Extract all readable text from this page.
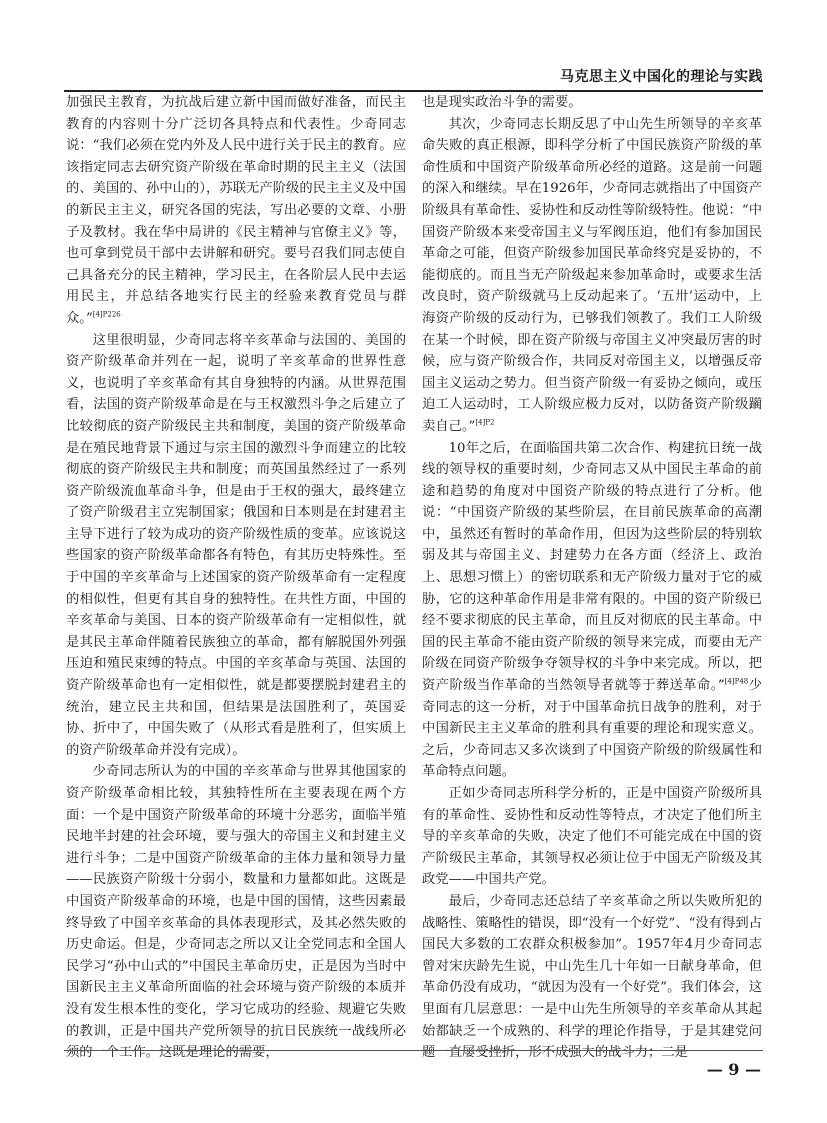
马克思主义中国化的理论与实践

加强民主教育，为抗战后建立新中国而做好准备，而民主教育的内容则十分广泛切各具特点和代表性。少奇同志说：“我们必须在党内外及人民中进行关于民主的教育。应该指定同志去研究资产阶级在革命时期的民主主义（法国的、美国的、孙中山的），苏联无产阶级的民主主义及中国的新民主主义，研究各国的宪法，写出必要的文章、小册子及教材。我在华中局讲的《民主精神与官僚主义》等，也可拿到党员干部中去讲解和研究。要号召我们同志使自己具备充分的民主精神，学习民主，在各阶层人民中去运用民主，并总结各地实行民主的经验来教育党员与群众。”$^{[4]P226}$

这里很明显，少奇同志将辛亥革命与法国的、美国的资产阶级革命并列在一起，说明了辛亥革命的世界性意义，也说明了辛亥革命有其自身独特的内涵。从世界范围看，法国的资产阶级革命是在与王权激烈斗争之后建立了比较彻底的资产阶级民主共和制度，美国的资产阶级革命是在殖民地背景下通过与宗主国的激烈斗争而建立的比较彻底的资产阶级民主共和制度；而英国虽然经过了一系列资产阶级流血革命斗争，但是由于王权的强大，最终建立了资产阶级君主立宪制国家；俄国和日本则是在封建君主主导下进行了较为成功的资产阶级性质的变革。应该说这些国家的资产阶级革命都各有特色，有其历史特殊性。至于中国的辛亥革命与上述国家的资产阶级革命有一定程度的相似性，但更有其自身的独特性。在共性方面，中国的辛亥革命与美国、日本的资产阶级革命有一定相似性，就是其民主革命伴随着民族独立的革命，都有解脱国外列强压迫和殖民束缚的特点。中国的辛亥革命与英国、法国的资产阶级革命也有一定相似性，就是都要摆脱封建君主的统治，建立民主共和国，但结果是法国胜利了，英国妥协、折中了，中国失败了（从形式看是胜利了，但实质上的资产阶级革命并没有完成）。

少奇同志所认为的中国的辛亥革命与世界其他国家的资产阶级革命相比较，其独特性所在主要表现在两个方面：一个是中国资产阶级革命的环境十分恶劣，面临半殖民地半封建的社会环境，要与强大的帝国主义和封建主义进行斗争；二是中国资产阶级革命的主体力量和领导力量——民族资产阶级十分弱小，数量和力量都如此。这既是中国资产阶级革命的环境，也是中国的国情，这些因素最终导致了中国辛亥革命的具体表现形式，及其必然失败的历史命运。但是，少奇同志之所以又让全党同志和全国人民学习“孙中山式的”中国民主革命历史，正是因为当时中国新民主主义革命所面临的社会环境与资产阶级的本质并没有发生根本性的变化，学习它成功的经验、规避它失败的教训，正是中国共产党所领导的抗日民族统一战线所必须的一个工作。这既是理论的需要，

也是现实政治斗争的需要。

其次，少奇同志长期反思了中山先生所领导的辛亥革命失败的真正根源，即科学分析了中国民族资产阶级的革命性质和中国资产阶级革命所必经的道路。这是前一问题的深入和继续。早在1926年，少奇同志就指出了中国资产阶级具有革命性、妥协性和反动性等阶级特性。他说：“中国资产阶级本来受帝国主义与军阀压迫，他们有参加国民革命之可能，但资产阶级参加国民革命终究是妥协的，不能彻底的。而且当无产阶级起来参加革命时，或要求生活改良时，资产阶级就马上反动起来了。‘五卅’运动中，上海资产阶级的反动行为，已够我们领教了。我们工人阶级在某一个时候，即在资产阶级与帝国主义冲突最厉害的时候，应与资产阶级合作，共同反对帝国主义，以增强反帝国主义运动之势力。但当资产阶级一有妥协之倾向，或压迫工人运动时，工人阶级应极力反对，以防备资产阶级躏卖自己。”$^{[4]P2}$

10年之后，在面临国共第二次合作、构建抗日统一战线的领导权的重要时刻，少奇同志又从中国民主革命的前途和趋势的角度对中国资产阶级的特点进行了分析。他说：“中国资产阶级的某些阶层，在目前民族革命的高潮中，虽然还有暂时的革命作用，但因为这些阶层的特别软弱及其与帝国主义、封建势力在各方面（经济上、政治上、思想习惯上）的密切联系和无产阶级力量对于它的威胁，它的这种革命作用是非常有限的。中国的资产阶级已经不要求彻底的民主革命，而且反对彻底的民主革命。中国的民主革命不能由资产阶级的领导来完成，而要由无产阶级在同资产阶级争夺领导权的斗争中来完成。所以，把资产阶级当作革命的当然领导者就等于葬送革命。”$^{[4]P48}$少奇同志的这一分析，对于中国革命抗日战争的胜利，对于中国新民主主义革命的胜利具有重要的理论和现实意义。之后，少奇同志又多次谈到了中国资产阶级的阶级属性和革命特点问题。

正如少奇同志所科学分析的，正是中国资产阶级所具有的革命性、妥协性和反动性等特点，才决定了他们所主导的辛亥革命的失败，决定了他们不可能完成在中国的资产阶级民主革命，其领导权必须让位于中国无产阶级及其政党——中国共产党。

最后，少奇同志还总结了辛亥革命之所以失败所犯的战略性、策略性的错误，即“没有一个好党”、“没有得到占国民大多数的工农群众积极参加”。1957年4月少奇同志曾对宋庆龄先生说，中山先生几十年如一日献身革命，但革命仍没有成功，“就因为没有一个好党”。我们体会，这里面有几层意思：一是中山先生所领导的辛亥革命从其起始都缺乏一个成熟的、科学的理论作指导，于是其建党问题一直屡受挫折，形不成强大的战斗力；二是

— 9 —
